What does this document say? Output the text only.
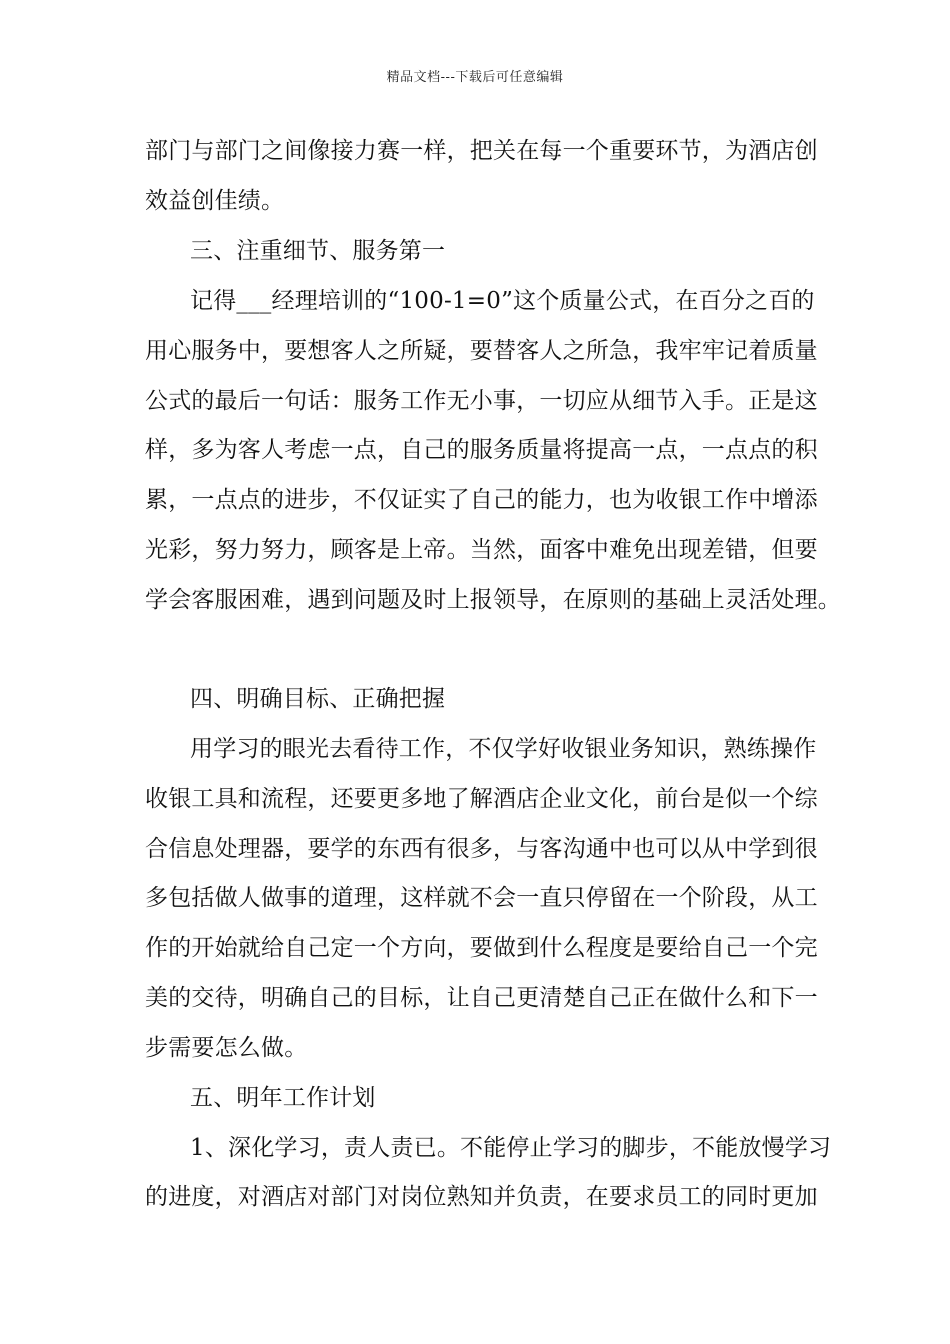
精品文档---下载后可任意编辑
部门与部门之间像接力赛一样，把关在每一个重要环节，为酒店创
效益创佳绩。
三、注重细节、服务第一
记得___经理培训的“100-1=0”这个质量公式，在百分之百的
用心服务中，要想客人之所疑，要替客人之所急，我牢牢记着质量
公式的最后一句话：服务工作无小事，一切应从细节入手。正是这
样，多为客人考虑一点，自己的服务质量将提高一点，一点点的积
累，一点点的进步，不仅证实了自己的能力，也为收银工作中增添
光彩，努力努力，顾客是上帝。当然，面客中难免出现差错，但要
学会客服困难，遇到问题及时上报领导，在原则的基础上灵活处理。
四、明确目标、正确把握
用学习的眼光去看待工作，不仅学好收银业务知识，熟练操作
收银工具和流程，还要更多地了解酒店企业文化，前台是似一个综
合信息处理器，要学的东西有很多，与客沟通中也可以从中学到很
多包括做人做事的道理，这样就不会一直只停留在一个阶段，从工
作的开始就给自己定一个方向，要做到什么程度是要给自己一个完
美的交待，明确自己的目标，让自己更清楚自己正在做什么和下一
步需要怎么做。
五、明年工作计划
1、深化学习，责人责已。不能停止学习的脚步，不能放慢学习
的进度，对酒店对部门对岗位熟知并负责，在要求员工的同时更加
